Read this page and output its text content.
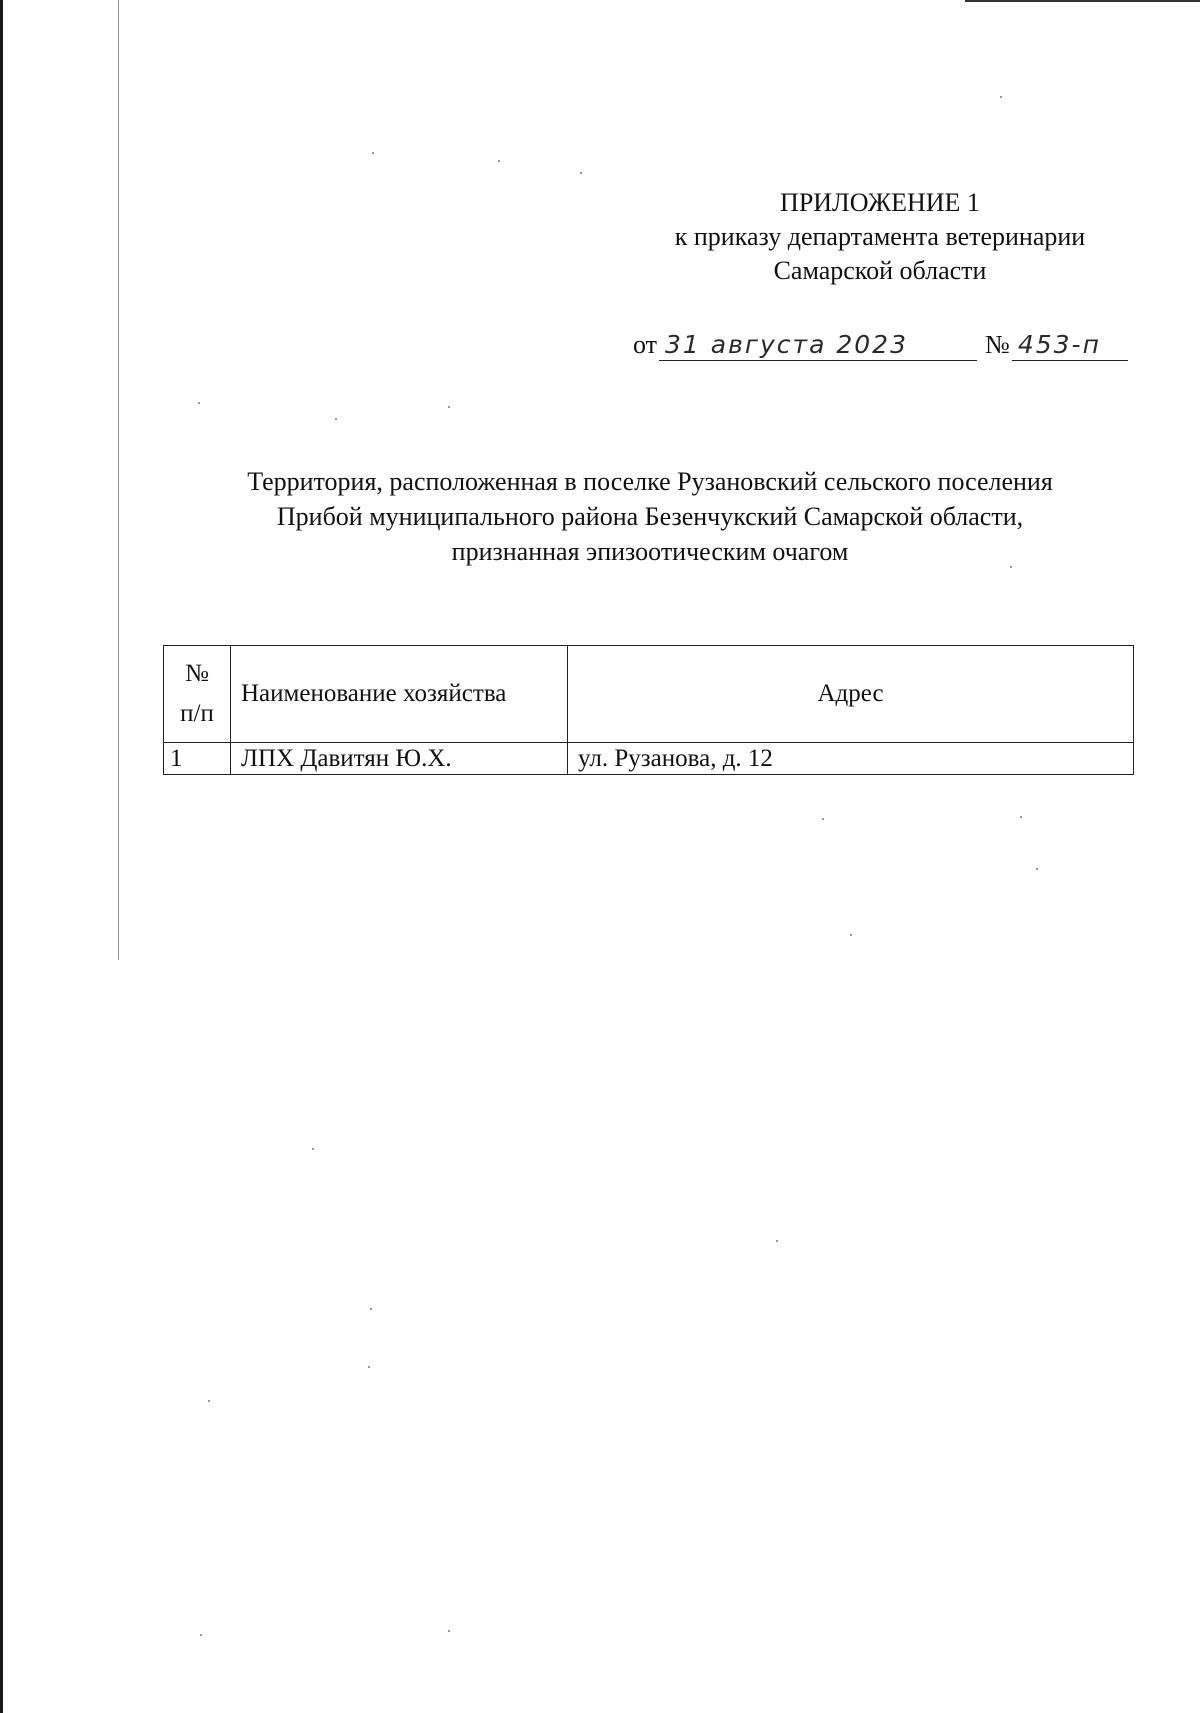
ПРИЛОЖЕНИЕ 1
к приказу департамента ветеринарии
Самарской области
от 31 августа 2023	№ 453-п
Территория, расположенная в поселке Рузановский сельского поселения
Прибой муниципального района Безенчукский Самарской области,
признанная эпизоотическим очагом
№
п/п	Наименование хозяйства	Адрес
1	ЛПХ Давитян Ю.Х.	ул. Рузанова, д. 12
